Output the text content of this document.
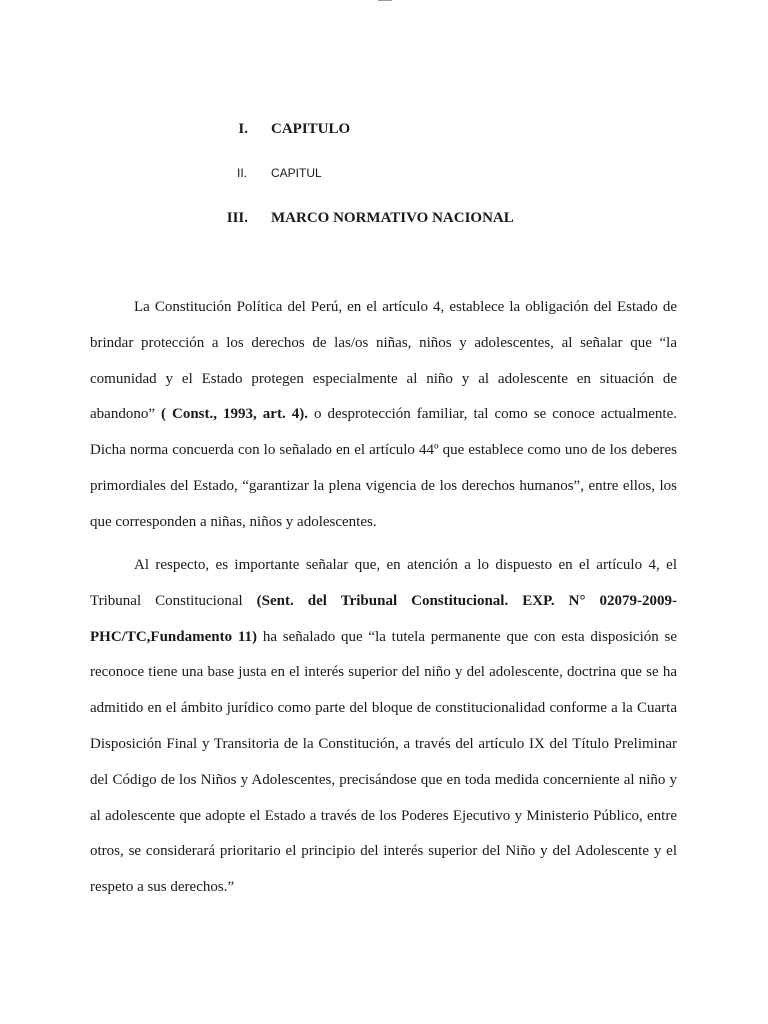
I. CAPITULO
II. CAPITUL
III. MARCO NORMATIVO NACIONAL

La Constitución Política del Perú, en el artículo 4, establece la obligación del Estado de brindar protección a los derechos de las/os niñas, niños y adolescentes, al señalar que “la comunidad y el Estado protegen especialmente al niño y al adolescente en situación de abandono” ( Const., 1993, art. 4). o desprotección familiar, tal como se conoce actualmente. Dicha norma concuerda con lo señalado en el artículo 44º que establece como uno de los deberes primordiales del Estado, “garantizar la plena vigencia de los derechos humanos”, entre ellos, los que corresponden a niñas, niños y adolescentes.

Al respecto, es importante señalar que, en atención a lo dispuesto en el artículo 4, el Tribunal Constitucional (Sent. del Tribunal Constitucional. EXP. N° 02079-2009-PHC/TC,Fundamento 11) ha señalado que “la tutela permanente que con esta disposición se reconoce tiene una base justa en el interés superior del niño y del adolescente, doctrina que se ha admitido en el ámbito jurídico como parte del bloque de constitucionalidad conforme a la Cuarta Disposición Final y Transitoria de la Constitución, a través del artículo IX del Título Preliminar del Código de los Niños y Adolescentes, precisándose que en toda medida concerniente al niño y al adolescente que adopte el Estado a través de los Poderes Ejecutivo y Ministerio Público, entre otros, se considerará prioritario el principio del interés superior del Niño y del Adolescente y el respeto a sus derechos.”
